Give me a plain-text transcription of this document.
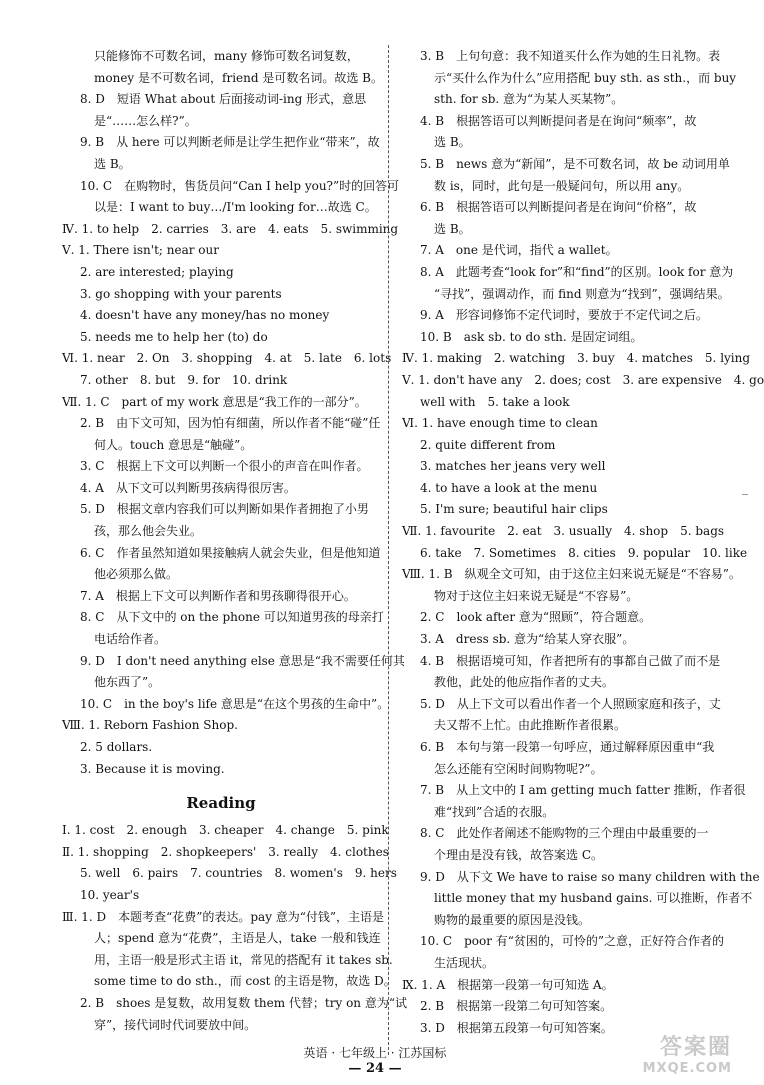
只能修饰不可数名词，many 修饰可数名词复数，
money 是不可数名词，friend 是可数名词。故选 B。
8. D　短语 What about 后面接动词-ing 形式，意思
是“……怎么样?”。
9. B　从 here 可以判断老师是让学生把作业“带来”，故
选 B。
10. C　在购物时，售货员问“Can I help you?”时的回答可
以是：I want to buy…/I'm looking for…故选 C。
Ⅳ. 1. to help　2. carries　3. are　4. eats　5. swimming
Ⅴ. 1. There isn't; near our
2. are interested; playing
3. go shopping with your parents
4. doesn't have any money/has no money
5. needs me to help her (to) do
Ⅵ. 1. near　2. On　3. shopping　4. at　5. late　6. lots
7. other　8. but　9. for　10. drink
Ⅶ. 1. C　part of my work 意思是“我工作的一部分”。
2. B　由下文可知，因为怕有细菌，所以作者不能“碰”任
何人。touch 意思是“触碰”。
3. C　根据上下文可以判断一个很小的声音在叫作者。
4. A　从下文可以判断男孩病得很厉害。
5. D　根据文章内容我们可以判断如果作者拥抱了小男
孩，那么他会失业。
6. C　作者虽然知道如果接触病人就会失业，但是他知道
他必须那么做。
7. A　根据上下文可以判断作者和男孩聊得很开心。
8. C　从下文中的 on the phone 可以知道男孩的母亲打
电话给作者。
9. D　I don't need anything else 意思是“我不需要任何其
他东西了”。
10. C　in the boy's life 意思是“在这个男孩的生命中”。
Ⅷ. 1. Reborn Fashion Shop.
2. 5 dollars.
3. Because it is moving.
Reading
Ⅰ. 1. cost　2. enough　3. cheaper　4. change　5. pink
Ⅱ. 1. shopping　2. shopkeepers'　3. really　4. clothes
5. well　6. pairs　7. countries　8. women's　9. hers
10. year's
Ⅲ. 1. D　本题考查“花费”的表达。pay 意为“付钱”，主语是
人；spend 意为“花费”，主语是人，take 一般和钱连
用，主语一般是形式主语 it，常见的搭配有 it takes sb.
some time to do sth.，而 cost 的主语是物，故选 D。
2. B　shoes 是复数，故用复数 them 代替；try on 意为“试
穿”，接代词时代词要放中间。
3. B　上句句意：我不知道买什么作为她的生日礼物。表
示“买什么作为什么”应用搭配 buy sth. as sth.，而 buy
sth. for sb. 意为“为某人买某物”。
4. B　根据答语可以判断提问者是在询问“频率”，故
选 B。
5. B　news 意为“新闻”，是不可数名词，故 be 动词用单
数 is，同时，此句是一般疑问句，所以用 any。
6. B　根据答语可以判断提问者是在询问“价格”，故
选 B。
7. A　one 是代词，指代 a wallet。
8. A　此题考查“look for”和“find”的区别。look for 意为
“寻找”，强调动作，而 find 则意为“找到”，强调结果。
9. A　形容词修饰不定代词时，要放于不定代词之后。
10. B　ask sb. to do sth. 是固定词组。
Ⅳ. 1. making　2. watching　3. buy　4. matches　5. lying
Ⅴ. 1. don't have any　2. does; cost　3. are expensive　4. go
well with　5. take a look
Ⅵ. 1. have enough time to clean
2. quite different from
3. matches her jeans very well
4. to have a look at the menu
5. I'm sure; beautiful hair clips
Ⅶ. 1. favourite　2. eat　3. usually　4. shop　5. bags
6. take　7. Sometimes　8. cities　9. popular　10. like
Ⅷ. 1. B　纵观全文可知，由于这位主妇来说无疑是“不容易”。
物对于这位主妇来说无疑是“不容易”。
2. C　look after 意为“照顾”，符合题意。
3. A　dress sb. 意为“给某人穿衣服”。
4. B　根据语境可知，作者把所有的事都自己做了而不是
教他，此处的他应指作者的丈夫。
5. D　从上下文可以看出作者一个人照顾家庭和孩子，丈
夫又帮不上忙。由此推断作者很累。
6. B　本句与第一段第一句呼应，通过解释原因重申“我
怎么还能有空闲时间购物呢?”。
7. B　从上文中的 I am getting much fatter 推断，作者很
难“找到”合适的衣服。
8. C　此处作者阐述不能购物的三个理由中最重要的一
个理由是没有钱，故答案选 C。
9. D　从下文 We have to raise so many children with the
little money that my husband gains. 可以推断，作者不
购物的最重要的原因是没钱。
10. C　poor 有“贫困的，可怜的”之意，正好符合作者的
生活现状。
Ⅸ. 1. A　根据第一段第一句可知选 A。
2. B　根据第一段第二句可知答案。
3. D　根据第五段第一句可知答案。
英语 · 七年级上 · 江苏国标
— 24 —
答案圈
MXQE.COM
